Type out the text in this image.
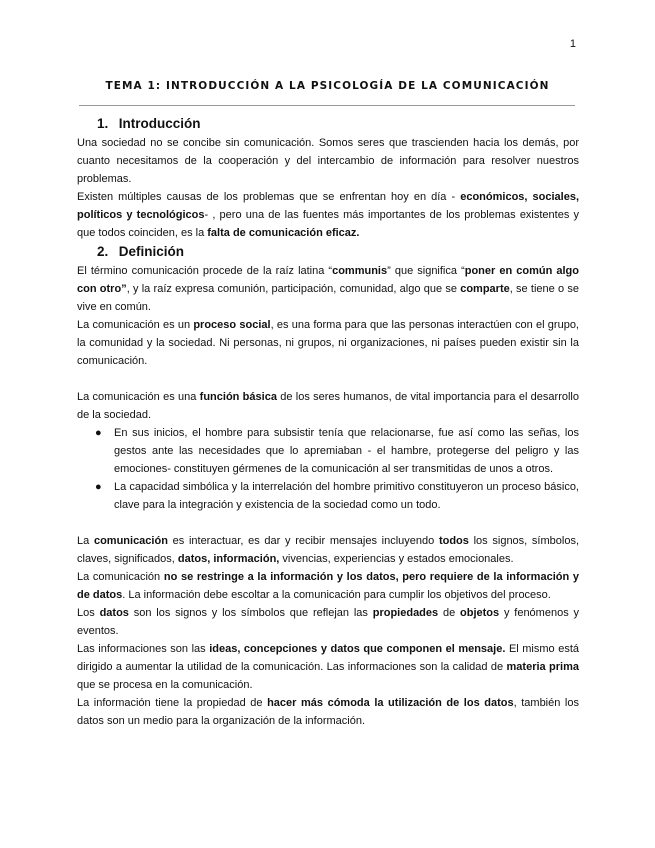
1
TEMA 1: INTRODUCCIÓN A LA PSICOLOGÍA DE LA COMUNICACIÓN
1. Introducción

Una sociedad no se concibe sin comunicación. Somos seres que trascienden hacia los demás, por cuanto necesitamos de la cooperación y del intercambio de información para resolver nuestros problemas.

Existen múltiples causas de los problemas que se enfrentan hoy en día - económicos, sociales, políticos y tecnológicos- , pero una de las fuentes más importantes de los problemas existentes y que todos coinciden, es la falta de comunicación eficaz.

2. Definición

El término comunicación procede de la raíz latina “communis” que significa “poner en común algo con otro”, y la raíz expresa comunión, participación, comunidad, algo que se comparte, se tiene o se vive en común.

La comunicación es un proceso social, es una forma para que las personas interactúen con el grupo, la comunidad y la sociedad. Ni personas, ni grupos, ni organizaciones, ni países pueden existir sin la comunicación.

La comunicación es una función básica de los seres humanos, de vital importancia para el desarrollo de la sociedad.

● En sus inicios, el hombre para subsistir tenía que relacionarse, fue así como las señas, los gestos ante las necesidades que lo apremiaban - el hambre, protegerse del peligro y las emociones- constituyen gérmenes de la comunicación al ser transmitidas de unos a otros.
● La capacidad simbólica y la interrelación del hombre primitivo constituyeron un proceso básico, clave para la integración y existencia de la sociedad como un todo.

La comunicación es interactuar, es dar y recibir mensajes incluyendo todos los signos, símbolos, claves, significados, datos, información, vivencias, experiencias y estados emocionales.

La comunicación no se restringe a la información y los datos, pero requiere de la información y de datos. La información debe escoltar a la comunicación para cumplir los objetivos del proceso.

Los datos son los signos y los símbolos que reflejan las propiedades de objetos y fenómenos y eventos.

Las informaciones son las ideas, concepciones y datos que componen el mensaje. El mismo está dirigido a aumentar la utilidad de la comunicación. Las informaciones son la calidad de materia prima que se procesa en la comunicación.

La información tiene la propiedad de hacer más cómoda la utilización de los datos, también los datos son un medio para la organización de la información.
